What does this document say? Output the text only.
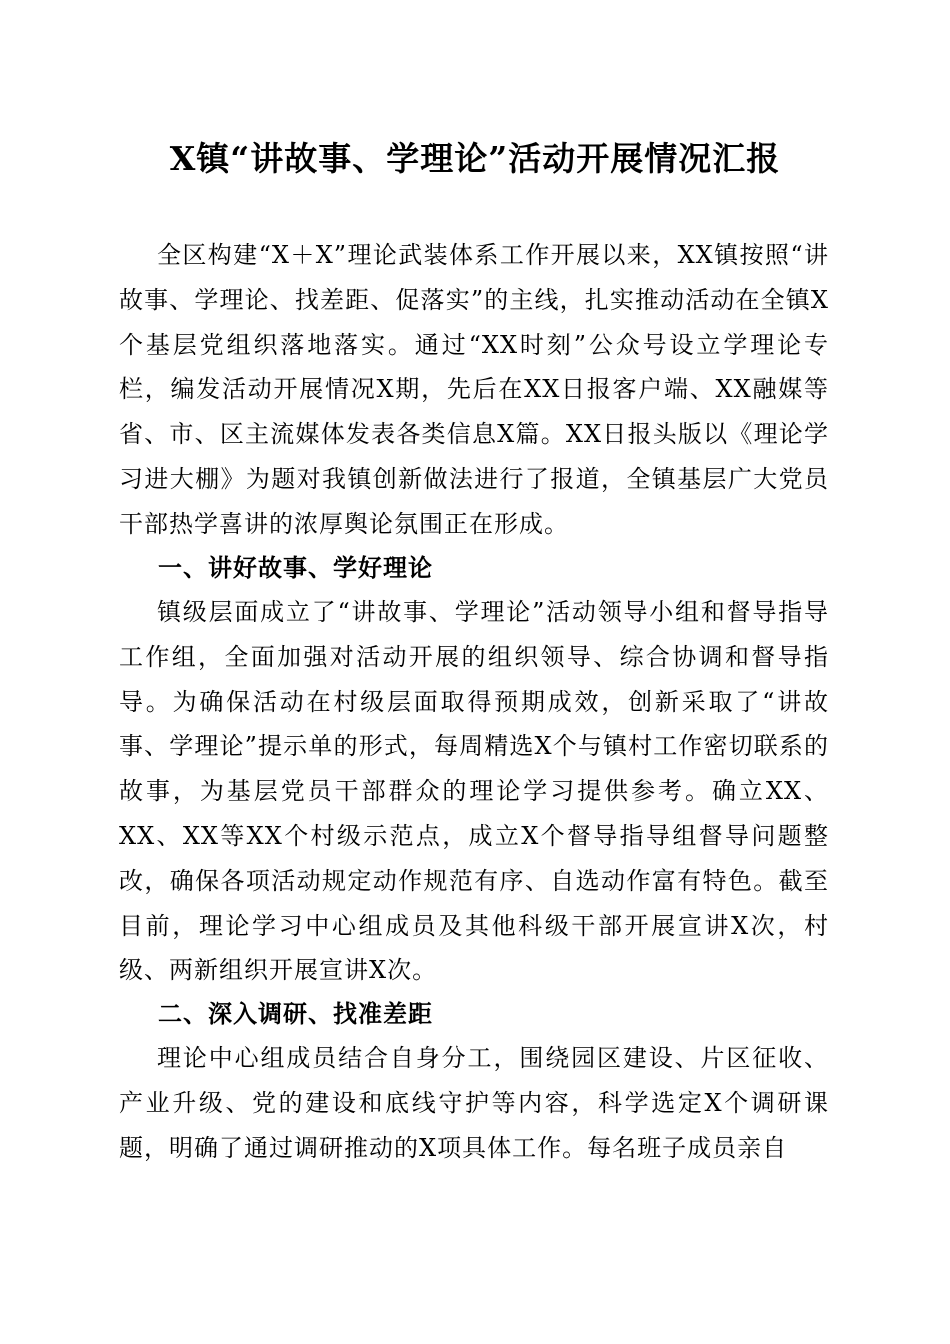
X镇“讲故事、学理论”活动开展情况汇报

全区构建“X＋X”理论武装体系工作开展以来，XX镇按照“讲故事、学理论、找差距、促落实”的主线，扎实推动活动在全镇X个基层党组织落地落实。通过“XX时刻”公众号设立学理论专栏，编发活动开展情况X期，先后在XX日报客户端、XX融媒等省、市、区主流媒体发表各类信息X篇。XX日报头版以《理论学习进大棚》为题对我镇创新做法进行了报道，全镇基层广大党员干部热学喜讲的浓厚舆论氛围正在形成。

一、讲好故事、学好理论

镇级层面成立了“讲故事、学理论”活动领导小组和督导指导工作组，全面加强对活动开展的组织领导、综合协调和督导指导。为确保活动在村级层面取得预期成效，创新采取了“讲故事、学理论”提示单的形式，每周精选X个与镇村工作密切联系的故事，为基层党员干部群众的理论学习提供参考。确立XX、XX、XX等XX个村级示范点，成立X个督导指导组督导问题整改，确保各项活动规定动作规范有序、自选动作富有特色。截至目前，理论学习中心组成员及其他科级干部开展宣讲X次，村级、两新组织开展宣讲X次。

二、深入调研、找准差距

理论中心组成员结合自身分工，围绕园区建设、片区征收、产业升级、党的建设和底线守护等内容，科学选定X个调研课题，明确了通过调研推动的X项具体工作。每名班子成员亲自
